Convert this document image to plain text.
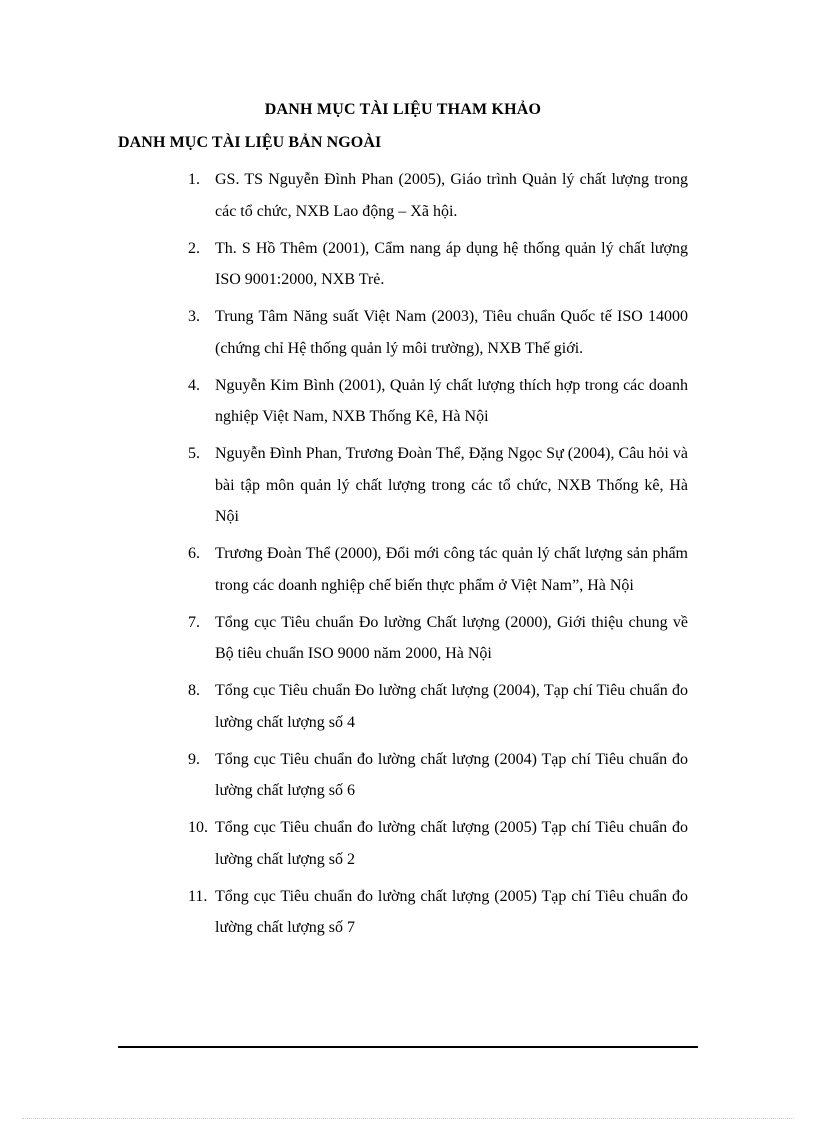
DANH MỤC TÀI LIỆU THAM KHẢO
DANH MỤC TÀI LIỆU BẢN NGOÀI
1. GS. TS Nguyễn Đình Phan (2005), Giáo trình Quản lý chất lượng trong các tổ chức, NXB Lao động – Xã hội.
2. Th. S Hồ Thêm (2001), Cẩm nang áp dụng hệ thống quản lý chất lượng ISO 9001:2000, NXB Trẻ.
3. Trung Tâm Năng suất Việt Nam (2003), Tiêu chuẩn Quốc tế ISO 14000 (chứng chỉ Hệ thống quản lý môi trường), NXB Thế giới.
4. Nguyễn Kim Bình (2001), Quản lý chất lượng thích hợp trong các doanh nghiệp Việt Nam, NXB Thống Kê, Hà Nội
5. Nguyễn Đình Phan, Trương Đoàn Thể, Đặng Ngọc Sự (2004), Câu hỏi và bài tập môn quản lý chất lượng trong các tổ chức, NXB Thống kê, Hà Nội
6. Trương Đoàn Thể (2000), Đổi mới công tác quản lý chất lượng sản phẩm trong các doanh nghiệp chế biến thực phẩm ở Việt Nam”, Hà Nội
7. Tổng cục Tiêu chuẩn Đo lường Chất lượng (2000), Giới thiệu chung về Bộ tiêu chuẩn ISO 9000 năm 2000, Hà Nội
8. Tổng cục Tiêu chuẩn Đo lường chất lượng (2004), Tạp chí Tiêu chuẩn đo lường chất lượng số 4
9. Tổng cục Tiêu chuẩn đo lường chất lượng (2004) Tạp chí Tiêu chuẩn đo lường chất lượng số 6
10. Tổng cục Tiêu chuẩn đo lường chất lượng (2005) Tạp chí Tiêu chuẩn đo lường chất lượng số 2
11. Tổng cục Tiêu chuẩn đo lường chất lượng (2005) Tạp chí Tiêu chuẩn đo lường chất lượng số 7
